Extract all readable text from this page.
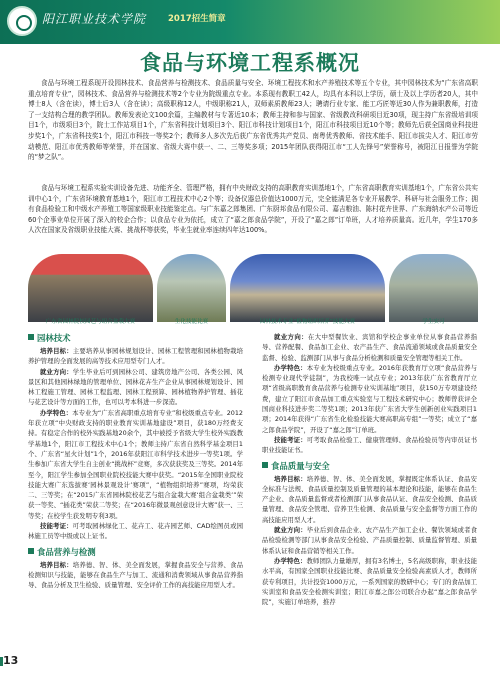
阳江职业技术学院	2017招生简章
食品与环境工程系概况

食品与环境工程系现开设园林技术、食品营养与检测技术、食品质量与安全、环境工程技术和水产养殖技术等五个专业，其中园林技术为“广东省高职重点培育专业”，园林技术、食品营养与检测技术等2个专业为院级重点专业。本系现有教职工42人，均具有本科以上学历，硕士及以上学历者20人，其中博士8人（含在读），博士后3人（含在读）；高级职称12人，中级职称21人，双师素质教师23人；聘请行业专家、能工巧匠等近30人作为兼职教师，打造了一支结构合理的教学团队。教师发表论文100余篇，主编教材与专著近10本；教师主持和参与国家、省级教改科研项目近30项，现主持广东省级培训项目1个，市级项目3个，院士工作站项目1个，广东省科技计划项目3个、阳江市科技计划项目1个，阳江市科技项目近10个等；教师先后获全国商业科技进步奖1个，广东省科技奖1个，阳江市科技一等奖2个；教师多人多次先后获广东省优秀共产党员、南粤优秀教师、省技术能手、阳江市拔尖人才、阳江市劳动模范、阳江市优秀教师等荣誉，并在国家、省级大赛中获一、二、三等奖多项；2015年团队获得阳江市“工人先锋号”荣誉称号，被阳江日报誉为学院的“梦之队”。

食品与环境工程系实验实训设备先进、功能齐全、管理严格，拥有中央财政支持的高职教育实训基地1个，广东省高职教育实训基地1个，广东省公共实训中心1个，广东省环境教育基地1个，阳江市工程技术中心2个等；设备仪器总价值达1000万元，完全能满足各专业开展教学、科研与社会服务工作；拥有食品检验工和中级水产养殖工等国家级职业技能鉴定点。与广东嘉之郎集团、广东厨邦食品有限公司、嘉吉粮油、陈村花卉世界、广东海纳水产公司等近60个企事业单位开展了深入的校企合作；以食品专业为依托，成立了“嘉之郎食品学院”，开设了“嘉之郎”订单班，人才培养质量高。近几年，学生170多人次在国家及省级职业技能大赛、挑战杯等获奖，毕业生就业率连续四年达100%。

广东省园林院校园艺与组合盆栽大赛	生化技能比赛	园林技术专业“植物组织培养”技能大赛	学生实习
园林技术

培养目标：主要培养从事园林规划设计、园林工程管理和园林植物栽培养护管理的全面发展的高等技术应用型专门人才。

就业方向：学生毕业后可到园林公司、建筑房地产公司、各类公园、风景区和其他园林绿地的管理单位、园林花卉生产企业从事园林规划设计、园林工程施工管理、园林工程监理、园林工程预算、园林植物养护管理、插花与花艺设计等方面的工作，也可以考本科进一步深造。

办学特色：本专业为“广东省高职重点培育专业”和校级重点专业。2012年获立项“中央财政支持的职业教育实训基地建设”项目，获180万经费支持。有稳定合作的校外实践基地20余个，其中被授予省级大学生校外实践教学基地1个，阳江市工程技术中心1个；教师主持广东省自然科学基金项目1个、广东省“星火计划”1个，2016年获阳江市科学技术进步一等奖1项。学生参加广东省大学生自主创业“挑战杯”竞赛，多次获获奖及三等奖。2014年至今，阳江学生参加全国职业院校技能大赛中获奖。“2015年全国职业院校技能大赛广东选拔赛‘园林景观设计’赛项”，“植物组织培养”赛项，均荣获二、三等奖；在“2015广东省园林院校花艺与组合盆栽大赛‘组合盆栽类’”荣获一等奖、“插花类”荣获二等奖；在“2016年微景观创意设计大赛”获一、三等奖；在校学生获发明专利3项。

技能考证：可考取园林绿化工、花卉工、花卉园艺师、CAD绘图员或园林施工员等中级或以上证书。

食品营养与检测

培养目标：培养德、智、体、美全面发展，掌握食品安全与营养、食品检测知识与技能，能够在食品生产与加工、流通和消费领域从事食品营养指导、食品分析及卫生检验、质量管理、安全评价工作的高技能应用型人才。

就业方向：在大中型餐饮业、宾馆和学校企事业单位从事食品营养指导、营养配餐、食品加工企业、农产品生产、食品流通领域或食品质量安全监督、检验、监测部门从事与食品分析检测和质量安全管理等相关工作。

办学特色：本专业为校级重点专业。2016年获教育厅立项“食品营养与检测专业现代学徒制”，为我校唯一试点专业；2013年获广东省教育厅立项“省级高职教育食品营养与检测专业实训基地”项目，获150万专项建设经费，建立了阳江市食品加工重点实验室与工程技术研究中心；教师曾获评全国商业科技进步奖二等奖1项；2013年获广东省大学生创新创业实践项目1项；2014年获得“广东省生化检验技能大赛高职高专组”一等奖；成立了“嘉之郎食品学院”，开设了“嘉之郎”订单班。

技能考证：可考取食品检验工、健康管理师、食品检验员等内审员证书职业技能证书。

食品质量与安全

培养目标：培养德、智、体、美全面发展，掌握既定体系认证、食品安全标准与法规、食品质量控制及质量管理的基本理论和技能，能够在食品生产企业、食品质量监督或者检测部门从事食品认证、食品安全检测、食品质量管理、食品安全管理、营养卫生检测、食品质量与安全监督等方面工作的高技能应用型人才。

就业方向：毕业后到食品企业、农产品生产加工企业、餐饮领域或者食品检验检测等部门从事食品安全检验、产品质量控制、质量监督管理、质量体系认证和食品营销等相关工作。

办学特色：教师团队力量雄厚，拥有3名博士，5名高级职称，职业技能水平高，有国家全国职业技能比赛、食品质量安全检验高素质人才，教师所获专利项目，共计投资1000万元，一系列国家的教研中心；专门的食品加工实训室和食品安全检测实训室；阳江市嘉之郎公司联合办起“嘉之郎食品学院”，实施订单培养，推荐

13
